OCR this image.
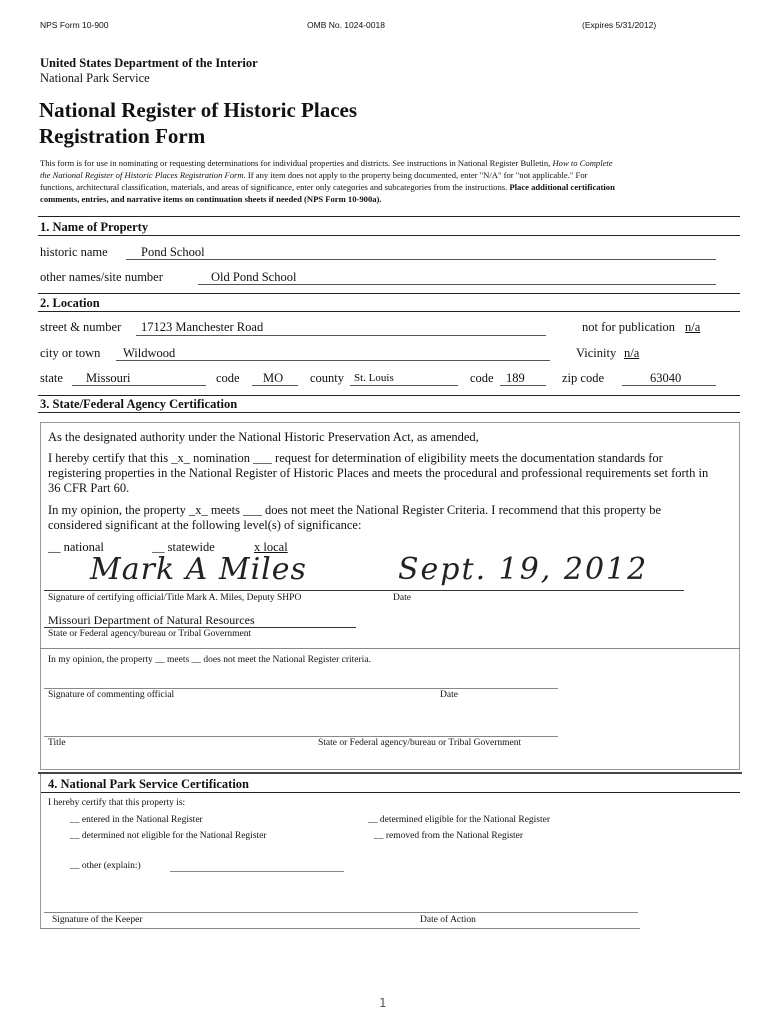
NPS Form 10-900	OMB No. 1024-0018	(Expires 5/31/2012)
United States Department of the Interior
National Park Service
National Register of Historic Places
Registration Form
This form is for use in nominating or requesting determinations for individual properties and districts. See instructions in National Register Bulletin, How to Complete
the National Register of Historic Places Registration Form. If any item does not apply to the property being documented, enter "N/A" for "not applicable." For
functions, architectural classification, materials, and areas of significance, enter only categories and subcategories from the instructions. Place additional certification
comments, entries, and narrative items on continuation sheets if needed (NPS Form 10-900a).
1. Name of Property
historic name	Pond School
other names/site number	Old Pond School
2. Location
street & number 17123 Manchester Road	not for publication n/a
city or town Wildwood	Vicinity n/a
state Missouri	code MO county St. Louis	code 189	zip code	63040
3. State/Federal Agency Certification
As the designated authority under the National Historic Preservation Act, as amended,
I hereby certify that this _x_ nomination ___ request for determination of eligibility meets the documentation standards for
registering properties in the National Register of Historic Places and meets the procedural and professional requirements set forth in
36 CFR Part 60.
In my opinion, the property _x_ meets ___ does not meet the National Register Criteria. I recommend that this property be
considered significant at the following level(s) of significance:
__ national	__ statewide	x local
Mark A Miles	Sept. 19, 2012
Signature of certifying official/Title Mark A. Miles, Deputy SHPO	Date
Missouri Department of Natural Resources
State or Federal agency/bureau or Tribal Government
In my opinion, the property __ meets __ does not meet the National Register criteria.
Signature of commenting official	Date
Title	State or Federal agency/bureau or Tribal Government
4. National Park Service Certification
I hereby certify that this property is:
__ entered in the National Register	__ determined eligible for the National Register
__ determined not eligible for the National Register	__ removed from the National Register
__ other (explain:)
Signature of the Keeper	Date of Action
1
